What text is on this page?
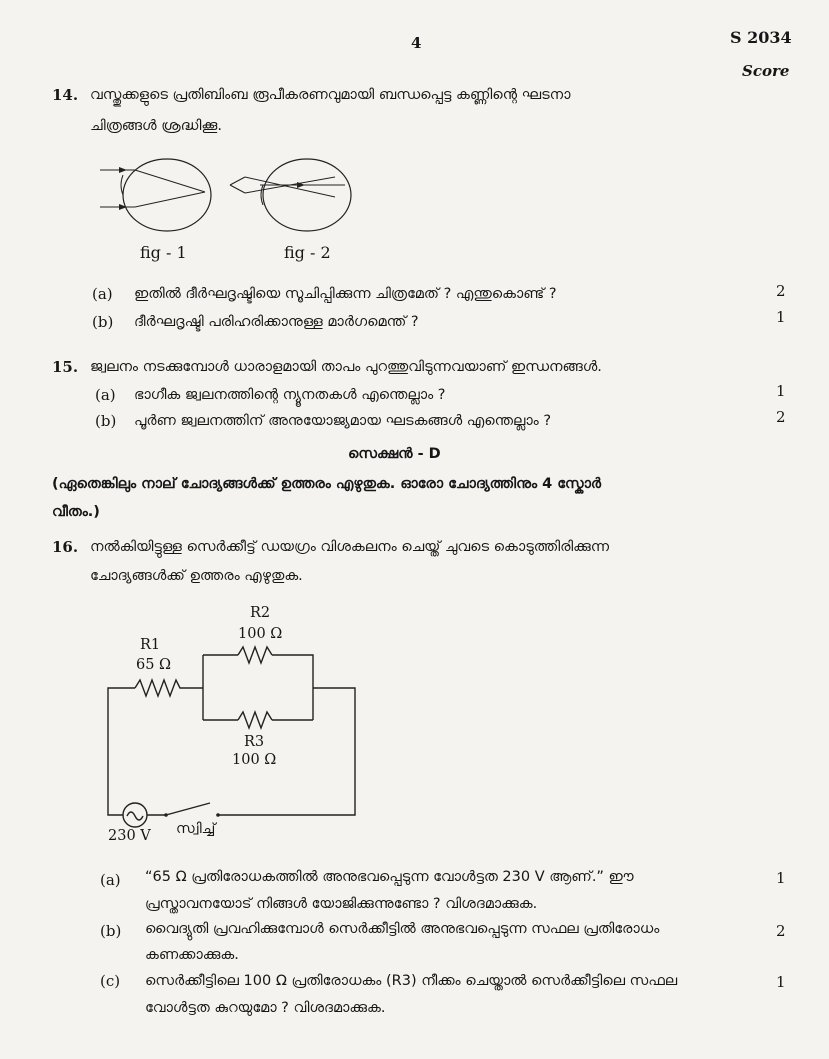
4	S 2034
Score
14. വസ്തുക്കളുടെ പ്രതിബിംബ രൂപീകരണവുമായി ബന്ധപ്പെട്ട കണ്ണിന്റെ ഘടനാ
ചിത്രങ്ങൾ ശ്രദ്ധിക്കൂ.
fig - 1	fig - 2
(a) ഇതിൽ ദീർഘദൃഷ്ടിയെ സൂചിപ്പിക്കുന്ന ചിത്രമേത് ? എന്തുകൊണ്ട് ?	2
(b) ദീർഘദൃഷ്ടി പരിഹരിക്കാനുള്ള മാർഗമെന്ത് ?	1
15. ജ്വലനം നടക്കുമ്പോൾ ധാരാളമായി താപം പുറത്തുവിടുന്നവയാണ് ഇന്ധനങ്ങൾ.
(a) ഭാഗീക ജ്വലനത്തിന്റെ ന്യൂനതകൾ എന്തെല്ലാം ?	1
(b) പൂർണ ജ്വലനത്തിന് അനുയോജ്യമായ ഘടകങ്ങൾ എന്തെല്ലാം ?	2
സെക്ഷൻ - D
(ഏതെങ്കിലും നാല് ചോദ്യങ്ങൾക്ക് ഉത്തരം എഴുതുക. ഓരോ ചോദ്യത്തിനും 4 സ്കോർ
വീതം.)
16. നൽകിയിട്ടുള്ള സെർക്കീട്ട് ഡയഗ്രം വിശകലനം ചെയ്ത് ചുവടെ കൊടുത്തിരിക്കുന്ന
ചോദ്യങ്ങൾക്ക് ഉത്തരം എഴുതുക.
R1
65 Ω
R2
100 Ω
R3
100 Ω
230 V സ്വിച്ച്
(a) “65 Ω പ്രതിരോധകത്തിൽ അനുഭവപ്പെടുന്ന വോൾട്ടത 230 V ആണ്.” ഈ
പ്രസ്താവനയോട് നിങ്ങൾ യോജിക്കുന്നുണ്ടോ ? വിശദമാക്കുക.
1
(b) വൈദ്യുതി പ്രവഹിക്കുമ്പോൾ സെർക്കീട്ടിൽ അനുഭവപ്പെടുന്ന സഫല പ്രതിരോധം
കണക്കാക്കുക.
2
(c) സെർക്കീട്ടിലെ 100 Ω പ്രതിരോധകം (R3) നീക്കം ചെയ്താൽ സെർക്കീട്ടിലെ സഫല
വോൾട്ടത കുറയുമോ ? വിശദമാക്കുക.
1
